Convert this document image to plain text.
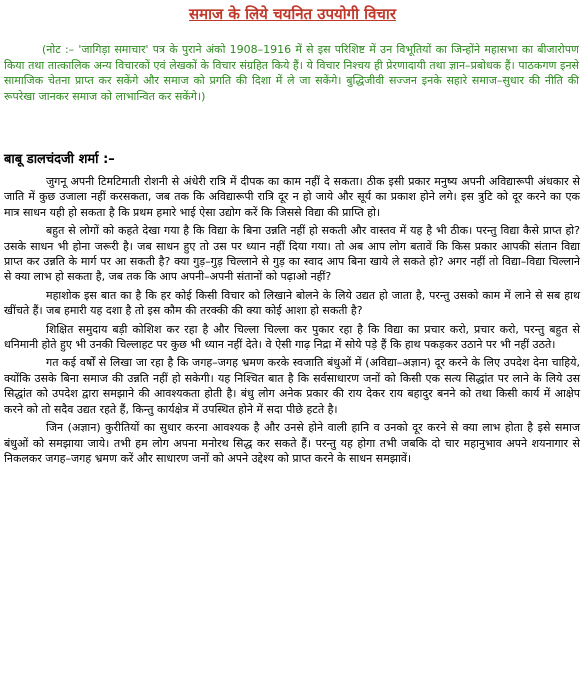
समाज के लिये चयनित उपयोगी विचार

(नोट :– 'जागिड़ा समाचार' पत्र के पुराने अंको 1908–1916 में से इस परिशिष्ट में उन विभूतियों का जिन्होंने महासभा का बीजारोपण किया तथा तात्कालिक अन्य विचारकों एवं लेखकों के विचार संग्रहित किये हैं। ये विचार निश्चय ही प्रेरणादायी तथा ज्ञान–प्रबोधक हैं। पाठकगण इनसे सामाजिक चेतना प्राप्त कर सकेंगे और समाज को प्रगति की दिशा में ले जा सकेंगे। बुद्धिजीवी सज्जन इनके सहारे समाज–सुधार की नीति की रूपरेखा जानकर समाज को लाभान्वित कर सकेंगे।)

बाबू डालचंदजी शर्मा :–

जुगनू अपनी टिमटिमाती रोशनी से अंधेरी रात्रि में दीपक का काम नहीं दे सकता। ठीक इसी प्रकार मनुष्य अपनी अविद्यारूपी अंधकार से जाति में कुछ उजाला नहीं करसकता, जब तक कि अविद्यारूपी रात्रि दूर न हो जाये और सूर्य का प्रकाश होने लगे। इस त्रुटि को दूर करने का एक मात्र साधन यही हो सकता है कि प्रथम हमारे भाई ऐसा उद्योग करें कि जिससे विद्या की प्राप्ति हो।

बहुत से लोगों को कहते देखा गया है कि विद्या के बिना उन्नति नहीं हो सकती और वास्तव में यह है भी ठीक। परन्तु विद्या कैसे प्राप्त हो? उसके साधन भी होना जरूरी है। जब साधन हुए तो उस पर ध्यान नहीं दिया गया। तो अब आप लोग बतावें कि किस प्रकार आपकी संतान विद्या प्राप्त कर उन्नति के मार्ग पर आ सकती है? क्या गुड़–गुड़ चिल्लाने से गुड़ का स्वाद आप बिना खाये ले सकते हो? अगर नहीं तो विद्या–विद्या चिल्लाने से क्या लाभ हो सकता है, जब तक कि आप अपनी–अपनी संतानों को पढ़ाओ नहीं?

महाशोक इस बात का है कि हर कोई किसी विचार को लिखाने बोलने के लिये उद्यत हो जाता है, परन्तु उसको काम में लाने से सब हाथ खींचते हैं। जब हमारी यह दशा है तो इस कौम की तरक्की की क्या कोई आशा हो सकती है?

शिक्षित समुदाय बड़ी कोशिश कर रहा है और चिल्ला चिल्ला कर पुकार रहा है कि विद्या का प्रचार करो, प्रचार करो, परन्तु बहुत से धनिमानी होते हुए भी उनकी चिल्लाहट पर कुछ भी ध्यान नहीं देते। वे ऐसी गाढ़ निद्रा में सोये पड़े हैं कि हाथ पकड़कर उठाने पर भी नहीं उठते।

गत कई वर्षों से लिखा जा रहा है कि जगह–जगह भ्रमण करके स्वजाति बंधुओं में (अविद्या–अज्ञान) दूर करने के लिए उपदेश देना चाहिये, क्योंकि उसके बिना समाज की उन्नति नहीं हो सकेगी। यह निश्चित बात है कि सर्वसाधारण जनों को किसी एक सत्य सिद्धांत पर लाने के लिये उस सिद्धांत को उपदेश द्वारा समझाने की आवश्यकता होती है। बंधु लोग अनेक प्रकार की राय देकर राय बहादुर बनने को तथा किसी कार्य में आक्षेप करने को तो सदैव उद्यत रहते हैं, किन्तु कार्यक्षेत्र में उपस्थित होने में सदा पीछे हटते है।

जिन (अज्ञान) कुरीतियों का सुधार करना आवश्यक है और उनसे होने वाली हानि व उनको दूर करने से क्या लाभ होता है इसे समाज बंधुओं को समझाया जाये। तभी हम लोग अपना मनोरथ सिद्ध कर सकते हैं। परन्तु यह होगा तभी जबकि दो चार महानुभाव अपने शयनागार से निकलकर जगह–जगह भ्रमण करें और साधारण जनों को अपने उद्देश्य को प्राप्त करने के साधन समझावें।
